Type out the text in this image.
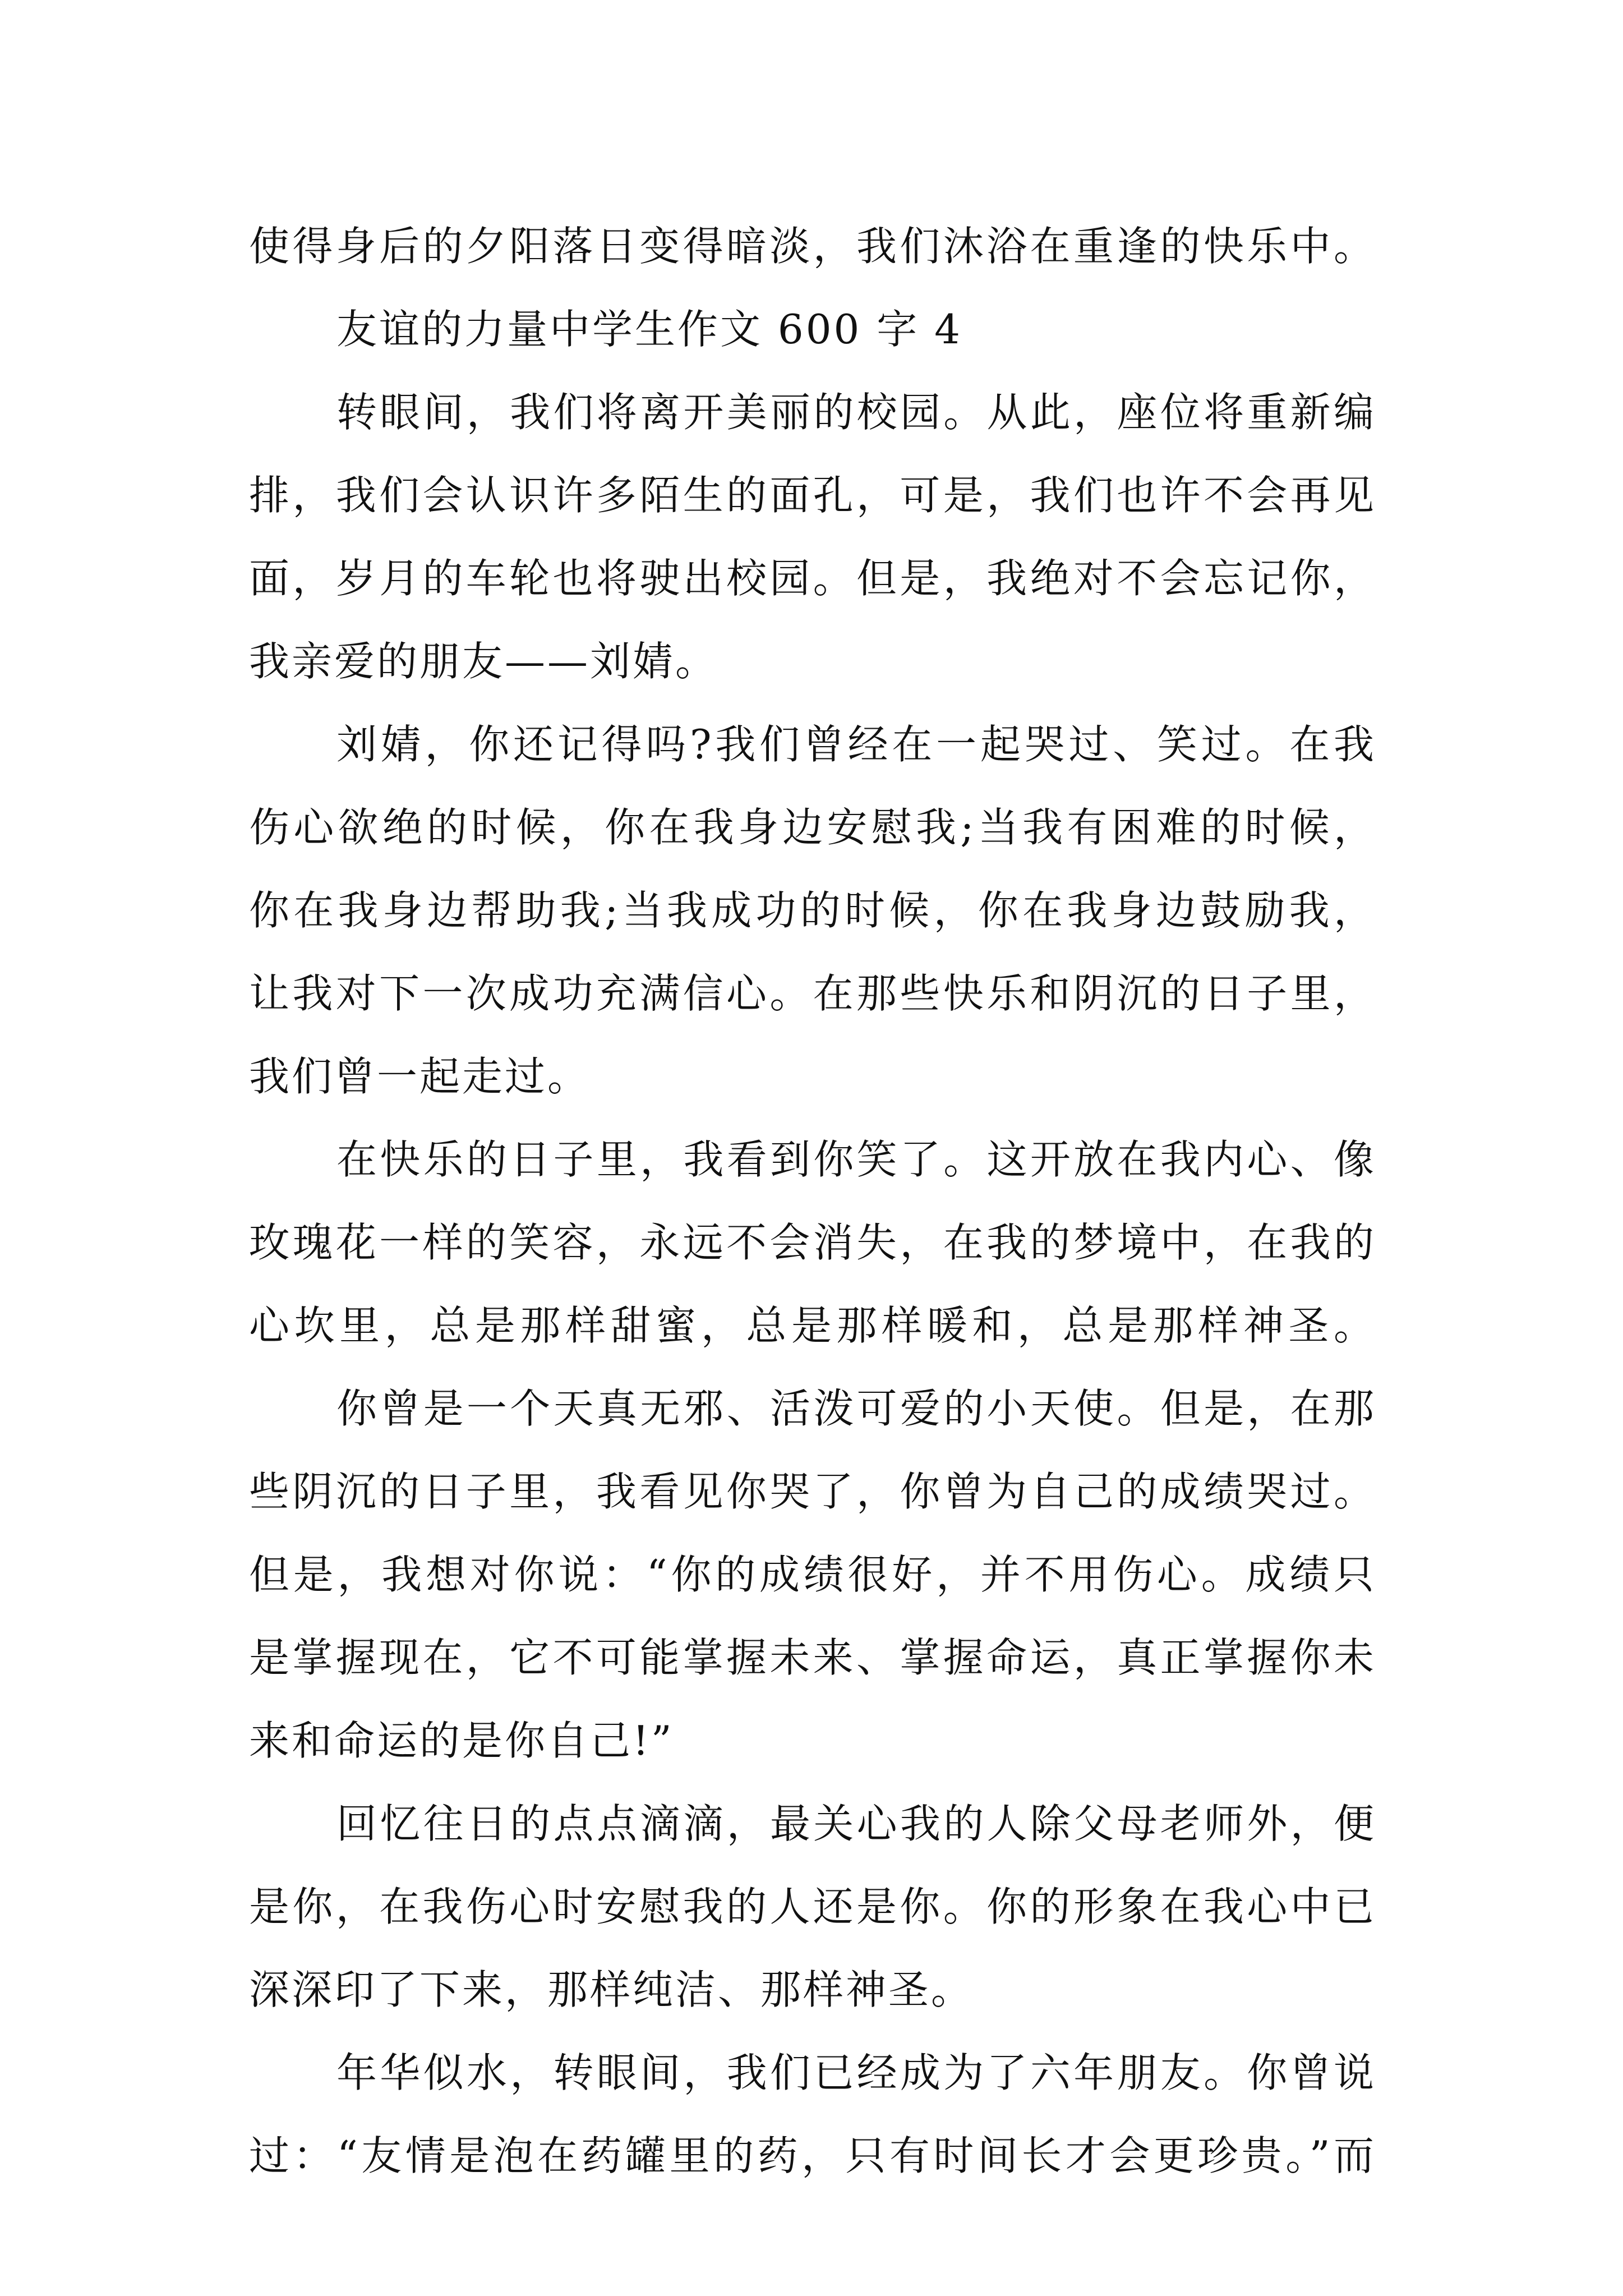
使得身后的夕阳落日变得暗淡，我们沐浴在重逢的快乐中。
友谊的力量中学生作文 600 字 4
转眼间，我们将离开美丽的校园。从此，座位将重新编
排，我们会认识许多陌生的面孔，可是，我们也许不会再见
面，岁月的车轮也将驶出校园。但是，我绝对不会忘记你，
我亲爱的朋友——刘婧。
刘婧，你还记得吗?我们曾经在一起哭过、笑过。在我
伤心欲绝的时候，你在我身边安慰我;当我有困难的时候，
你在我身边帮助我;当我成功的时候，你在我身边鼓励我，
让我对下一次成功充满信心。在那些快乐和阴沉的日子里，
我们曾一起走过。
在快乐的日子里，我看到你笑了。这开放在我内心、像
玫瑰花一样的笑容，永远不会消失，在我的梦境中，在我的
心坎里，总是那样甜蜜，总是那样暖和，总是那样神圣。
你曾是一个天真无邪、活泼可爱的小天使。但是，在那
些阴沉的日子里，我看见你哭了，你曾为自己的成绩哭过。
但是，我想对你说：“你的成绩很好，并不用伤心。成绩只
是掌握现在，它不可能掌握未来、掌握命运，真正掌握你未
来和命运的是你自己!”
回忆往日的点点滴滴，最关心我的人除父母老师外，便
是你，在我伤心时安慰我的人还是你。你的形象在我心中已
深深印了下来，那样纯洁、那样神圣。
年华似水，转眼间，我们已经成为了六年朋友。你曾说
过：“友情是泡在药罐里的药，只有时间长才会更珍贵。”而
